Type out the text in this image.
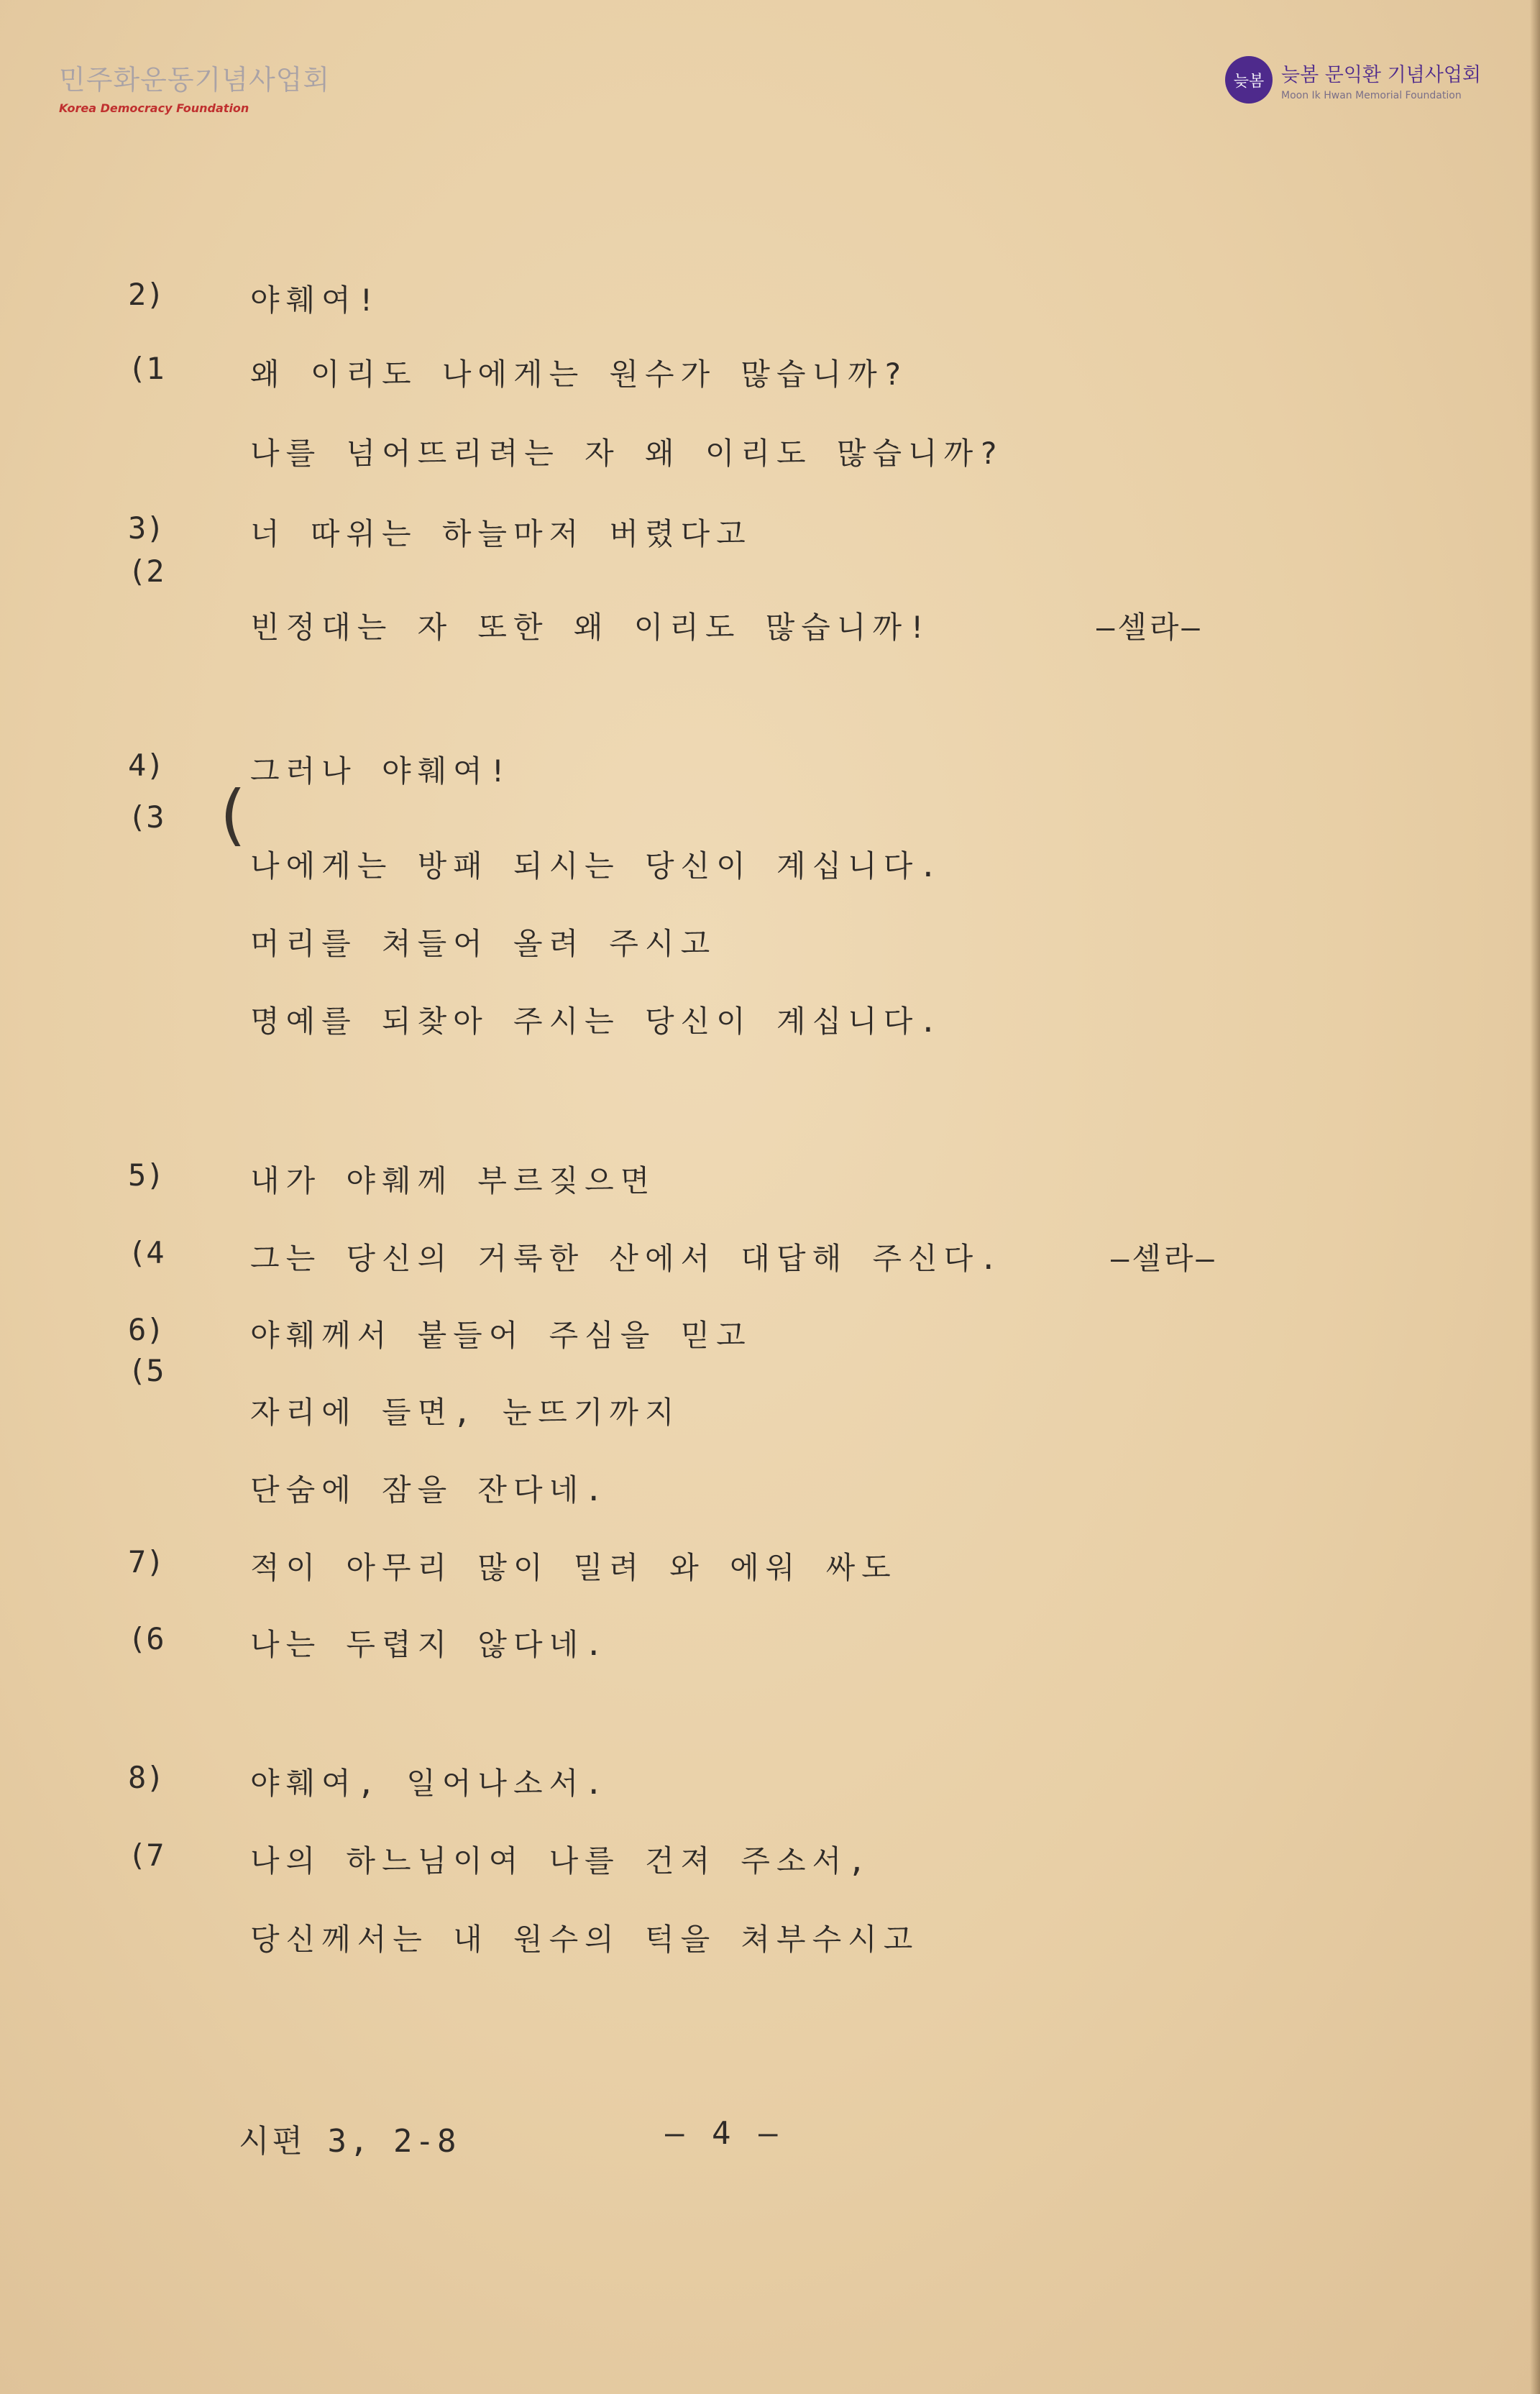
민주화운동기념사업회
Korea Democracy Foundation
늦봄 늦봄 문익환 기념사업회
Moon Ik Hwan Memorial Foundation
(
2)	야훼여!
(1	왜 이리도 나에게는 원수가 많습니까?
나를 넘어뜨리려는 자 왜 이리도 많습니까?
3)	너 따위는 하늘마저 버렸다고
(2
빈정대는 자 또한 왜 이리도 많습니까!	—셀라—
4)	그러나 야훼여!
(3
나에게는 방패 되시는 당신이 계십니다.
머리를 쳐들어 올려 주시고
명예를 되찾아 주시는 당신이 계십니다.
5)	내가 야훼께 부르짖으면
(4	그는 당신의 거룩한 산에서 대답해 주신다.	—셀라—
6)	야훼께서 붙들어 주심을 믿고
(5
자리에 들면, 눈뜨기까지
단숨에 잠을 잔다네.
7)	적이 아무리 많이 밀려 와 에워 싸도
(6	나는 두렵지 않다네.
8)	야훼여, 일어나소서.
(7	나의 하느님이여 나를 건져 주소서,
당신께서는 내 원수의 턱을 쳐부수시고
시편 3, 2-8	— 4 —
